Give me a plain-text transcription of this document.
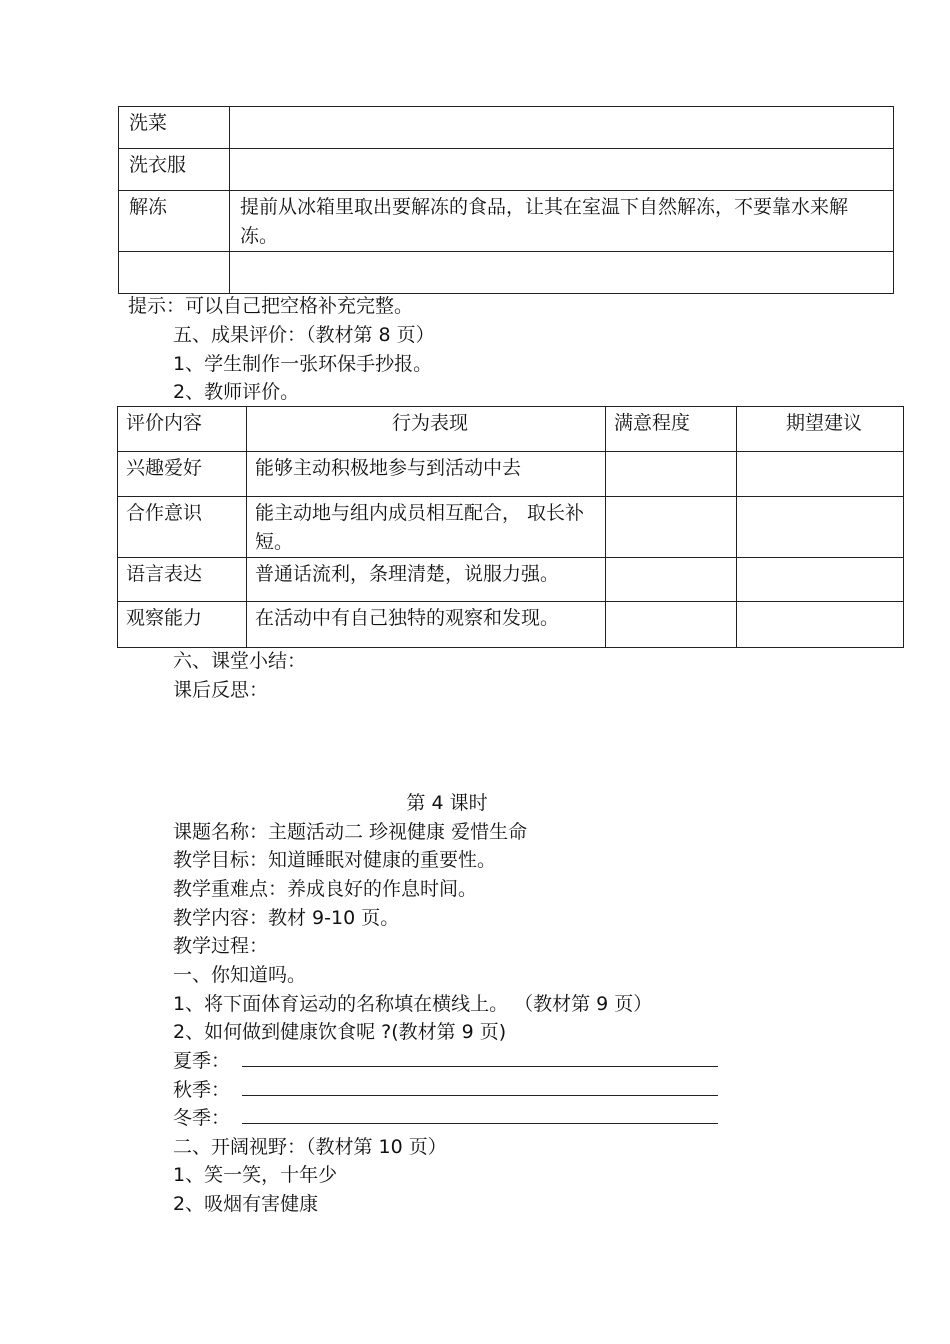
洗菜	
洗衣服	
解冻	提前从冰箱里取出要解冻的食品，让其在室温下自然解冻，不要靠水来解冻。

提示：可以自己把空格补充完整。
五、成果评价：（教材第 8 页）
1、学生制作一张环保手抄报。
2、教师评价。
评价内容	行为表现	满意程度	期望建议
兴趣爱好	能够主动积极地参与到活动中去		
合作意识	能主动地与组内成员相互配合， 取长补短。		
语言表达	普通话流利，条理清楚，说服力强。		
观察能力	在活动中有自己独特的观察和发现。		
六、课堂小结：
课后反思：
第 4 课时
课题名称：主题活动二 珍视健康 爱惜生命
教学目标：知道睡眠对健康的重要性。
教学重难点：养成良好的作息时间。
教学内容：教材 9-10 页。
教学过程：
一、你知道吗。
1、将下面体育运动的名称填在横线上。 （教材第 9 页）
2、如何做到健康饮食呢 ?(教材第 9 页)
夏季：
秋季：
冬季：
二、开阔视野：（教材第 10 页）
1、笑一笑，十年少
2、吸烟有害健康
